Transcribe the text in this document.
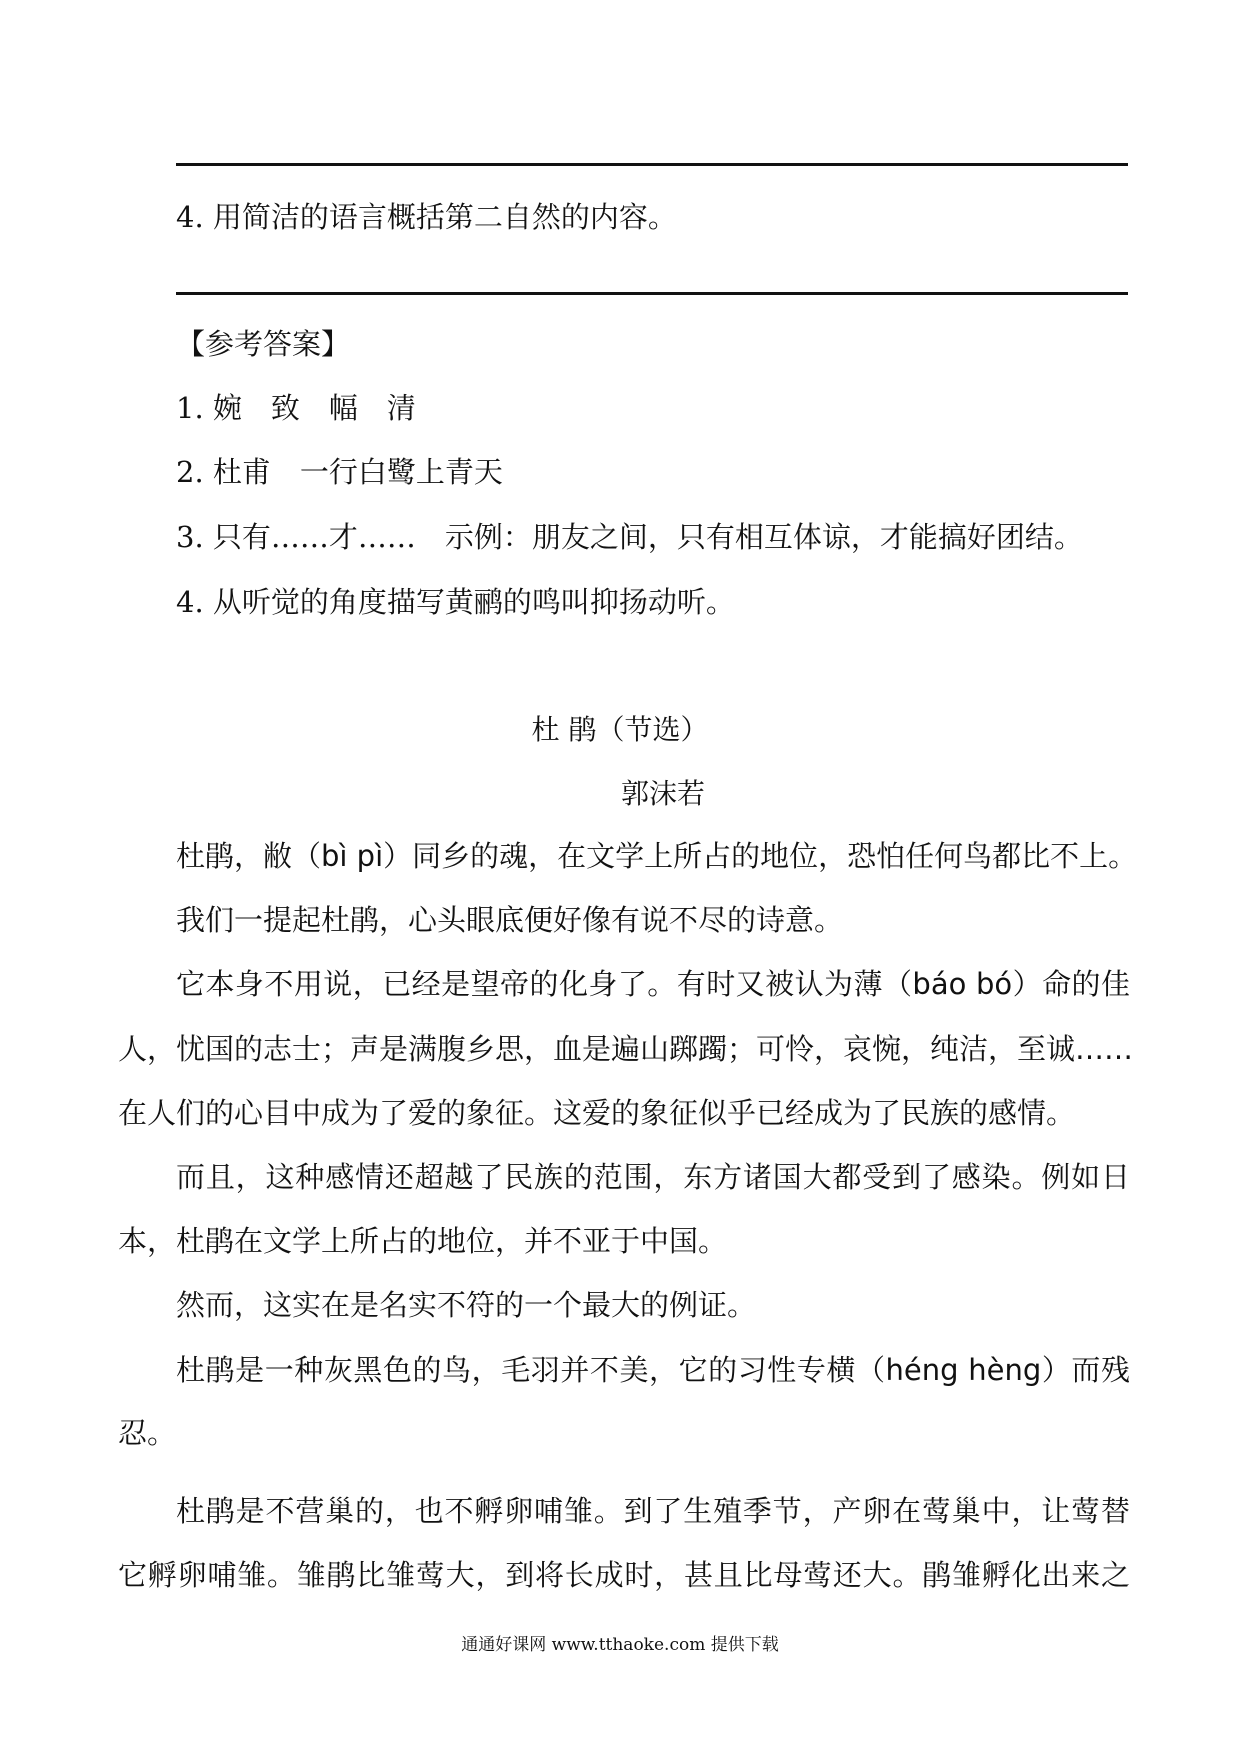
4. 用简洁的语言概括第二自然的内容。
【参考答案】
1. 婉　致　幅　清
2. 杜甫　一行白鹭上青天
3. 只有……才……　示例：朋友之间，只有相互体谅，才能搞好团结。
4. 从听觉的角度描写黄鹂的鸣叫抑扬动听。
杜 鹃（节选）
郭沫若
杜鹃，敝（bì pì）同乡的魂，在文学上所占的地位，恐怕任何鸟都比不上。
我们一提起杜鹃，心头眼底便好像有说不尽的诗意。
它本身不用说，已经是望帝的化身了。有时又被认为薄（báo bó）命的佳
人，忧国的志士；声是满腹乡思，血是遍山踯躅；可怜，哀惋，纯洁，至诚……
在人们的心目中成为了爱的象征。这爱的象征似乎已经成为了民族的感情。
而且，这种感情还超越了民族的范围，东方诸国大都受到了感染。例如日
本，杜鹃在文学上所占的地位，并不亚于中国。
然而，这实在是名实不符的一个最大的例证。
杜鹃是一种灰黑色的鸟，毛羽并不美，它的习性专横（héng hèng）而残
忍。
杜鹃是不营巢的，也不孵卵哺雏。到了生殖季节，产卵在莺巢中，让莺替
它孵卵哺雏。雏鹃比雏莺大，到将长成时，甚且比母莺还大。鹃雏孵化出来之
通通好课网 www.tthaoke.com 提供下载
